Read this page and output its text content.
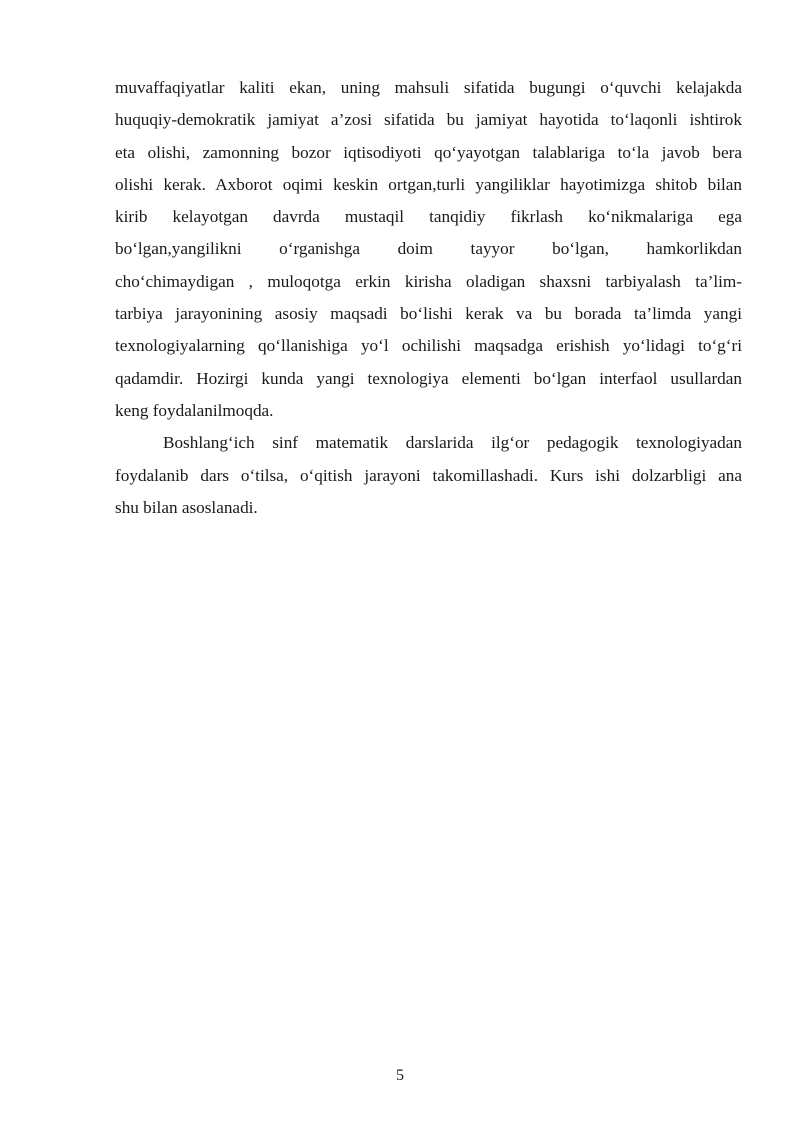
muvaffaqiyatlar kaliti ekan, uning mahsuli sifatida bugungi o‘quvchi kelajakda
huquqiy-demokratik jamiyat a’zosi sifatida bu jamiyat hayotida to‘laqonli ishtirok
eta olishi, zamonning bozor iqtisodiyoti qo‘yayotgan talablariga to‘la javob bera
olishi kerak. Axborot oqimi keskin ortgan,turli yangiliklar hayotimizga shitob bilan
kirib kelayotgan davrda mustaqil tanqidiy fikrlash ko‘nikmalariga ega
bo‘lgan,yangilikni o‘rganishga doim tayyor bo‘lgan, hamkorlikdan
cho‘chimaydigan , muloqotga erkin kirisha oladigan shaxsni tarbiyalash ta’lim-
tarbiya jarayonining asosiy maqsadi bo‘lishi kerak va bu borada ta’limda yangi
texnologiyalarning qo‘llanishiga yo‘l ochilishi maqsadga erishish yo‘lidagi to‘g‘ri
qadamdir. Hozirgi kunda yangi texnologiya elementi bo‘lgan interfaol usullardan
keng foydalanilmoqda.
Boshlang‘ich sinf matematik darslarida ilg‘or pedagogik texnologiyadan
foydalanib dars o‘tilsa, o‘qitish jarayoni takomillashadi. Kurs ishi dolzarbligi ana
shu bilan asoslanadi.
5
